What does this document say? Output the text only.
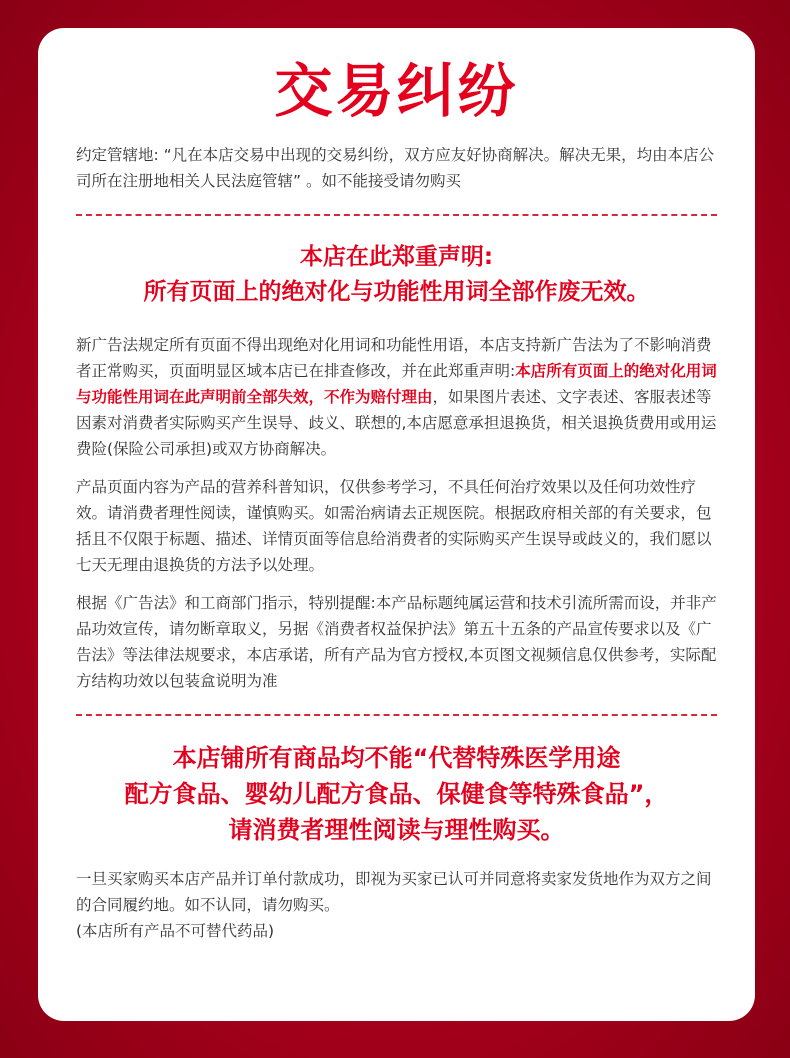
交易纠纷

约定管辖地: “凡在本店交易中出现的交易纠纷，双方应友好协商解决。解决无果，均由本店公司所在注册地相关人民法庭管辖” 。如不能接受请勿购买

本店在此郑重声明:

所有页面上的绝对化与功能性用词全部作废无效。

新广告法规定所有页面不得出现绝对化用词和功能性用语，本店支持新广告法为了不影响消费者正常购买，页面明显区域本店已在排查修改，并在此郑重声明:本店所有页面上的绝对化用词与功能性用词在此声明前全部失效，不作为赔付理由，如果图片表述、文字表述、客服表述等因素对消费者实际购买产生误导、歧义、联想的,本店愿意承担退换货，相关退换货费用或用运费险(保险公司承担)或双方协商解决。

产品页面内容为产品的营养科普知识，仅供参考学习，不具任何治疗效果以及任何功效性疗效。请消费者理性阅读，谨慎购买。如需治病请去正规医院。根据政府相关部的有关要求，包括且不仅限于标题、描述、详情页面等信息给消费者的实际购买产生误导或歧义的，我们愿以七天无理由退换货的方法予以处理。

根据《广告法》和工商部门指示，特别提醒:本产品标题纯属运营和技术引流所需而设，并非产品功效宣传，请勿断章取义，另据《消费者权益保护法》第五十五条的产品宣传要求以及《广告法》等法律法规要求，本店承诺，所有产品为官方授权,本页图文视频信息仅供参考，实际配方结构功效以包装盒说明为准

本店铺所有商品均不能“代替特殊医学用途

配方食品、婴幼儿配方食品、保健食等特殊食品”，

请消费者理性阅读与理性购买。

一旦买家购买本店产品并订单付款成功，即视为买家已认可并同意将卖家发货地作为双方之间的合同履约地。如不认同，请勿购买。

(本店所有产品不可替代药品)
